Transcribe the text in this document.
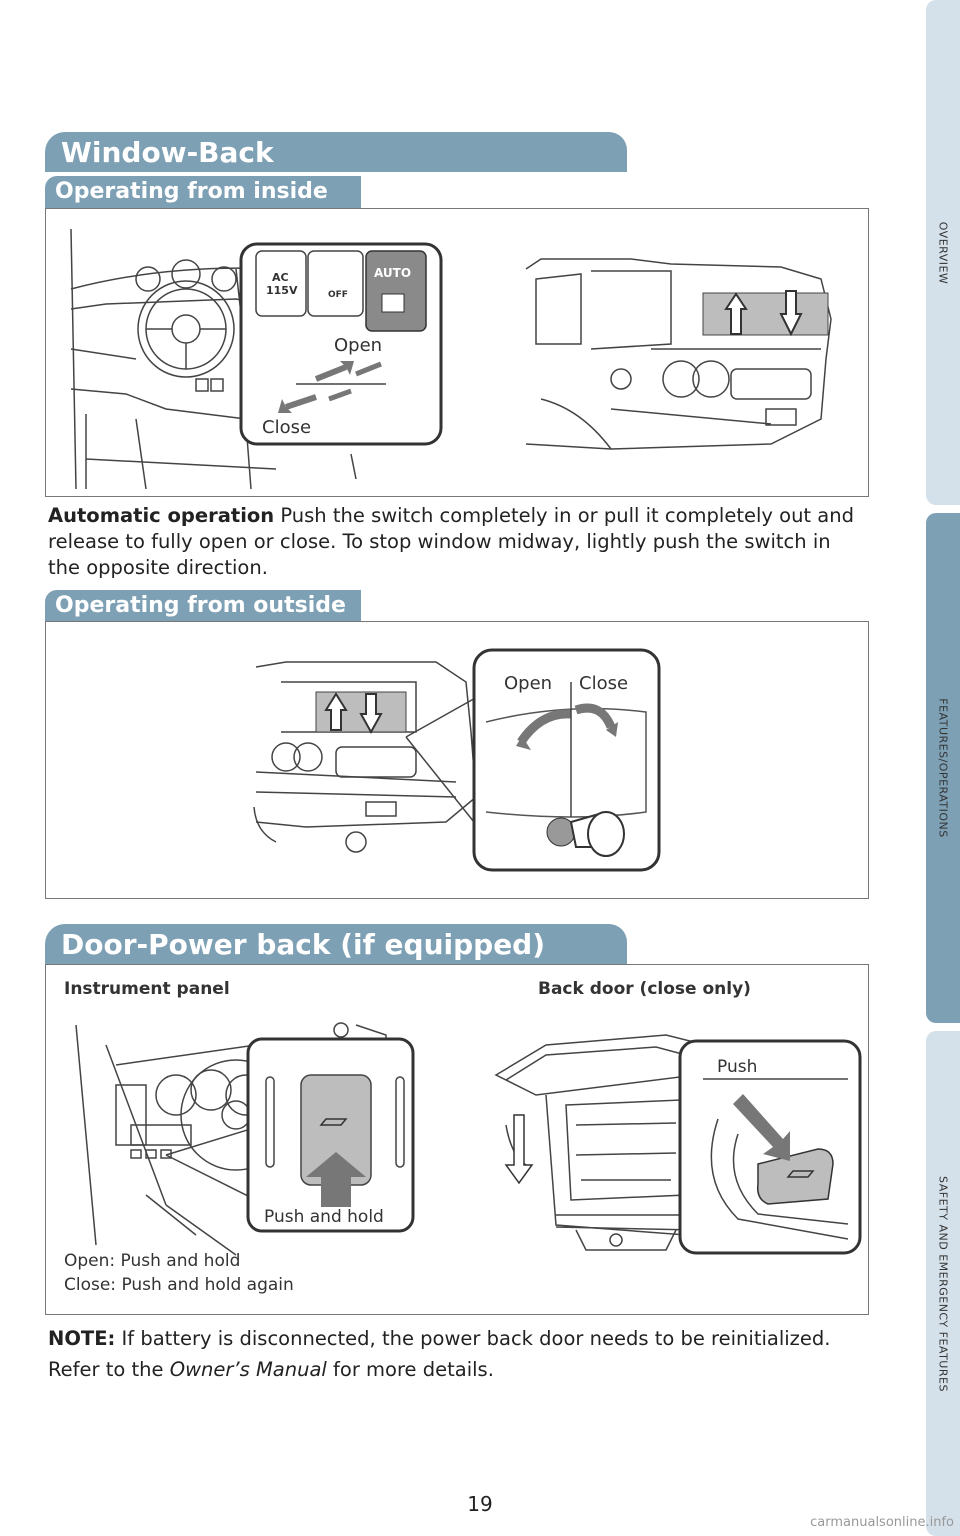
OVERVIEW
FEATURES/OPERATIONS
SAFETY AND EMERGENCY FEATURES
Window-Back
Operating from inside
AC
115V	OFF
AUTO
Open
Close

Automatic operation Push the switch completely in or pull it completely out and release to fully open or close. To stop window midway, lightly push the switch in the opposite direction.

Operating from outside
Open Close
Door-Power back (if equipped)
Instrument panel	Back door (close only)
Push and hold
Open: Push and hold
Close: Push and hold again
Push

NOTE: If battery is disconnected, the power back door needs to be reinitialized. Refer to the Owner’s Manual for more details.

19
carmanualsonline.info
